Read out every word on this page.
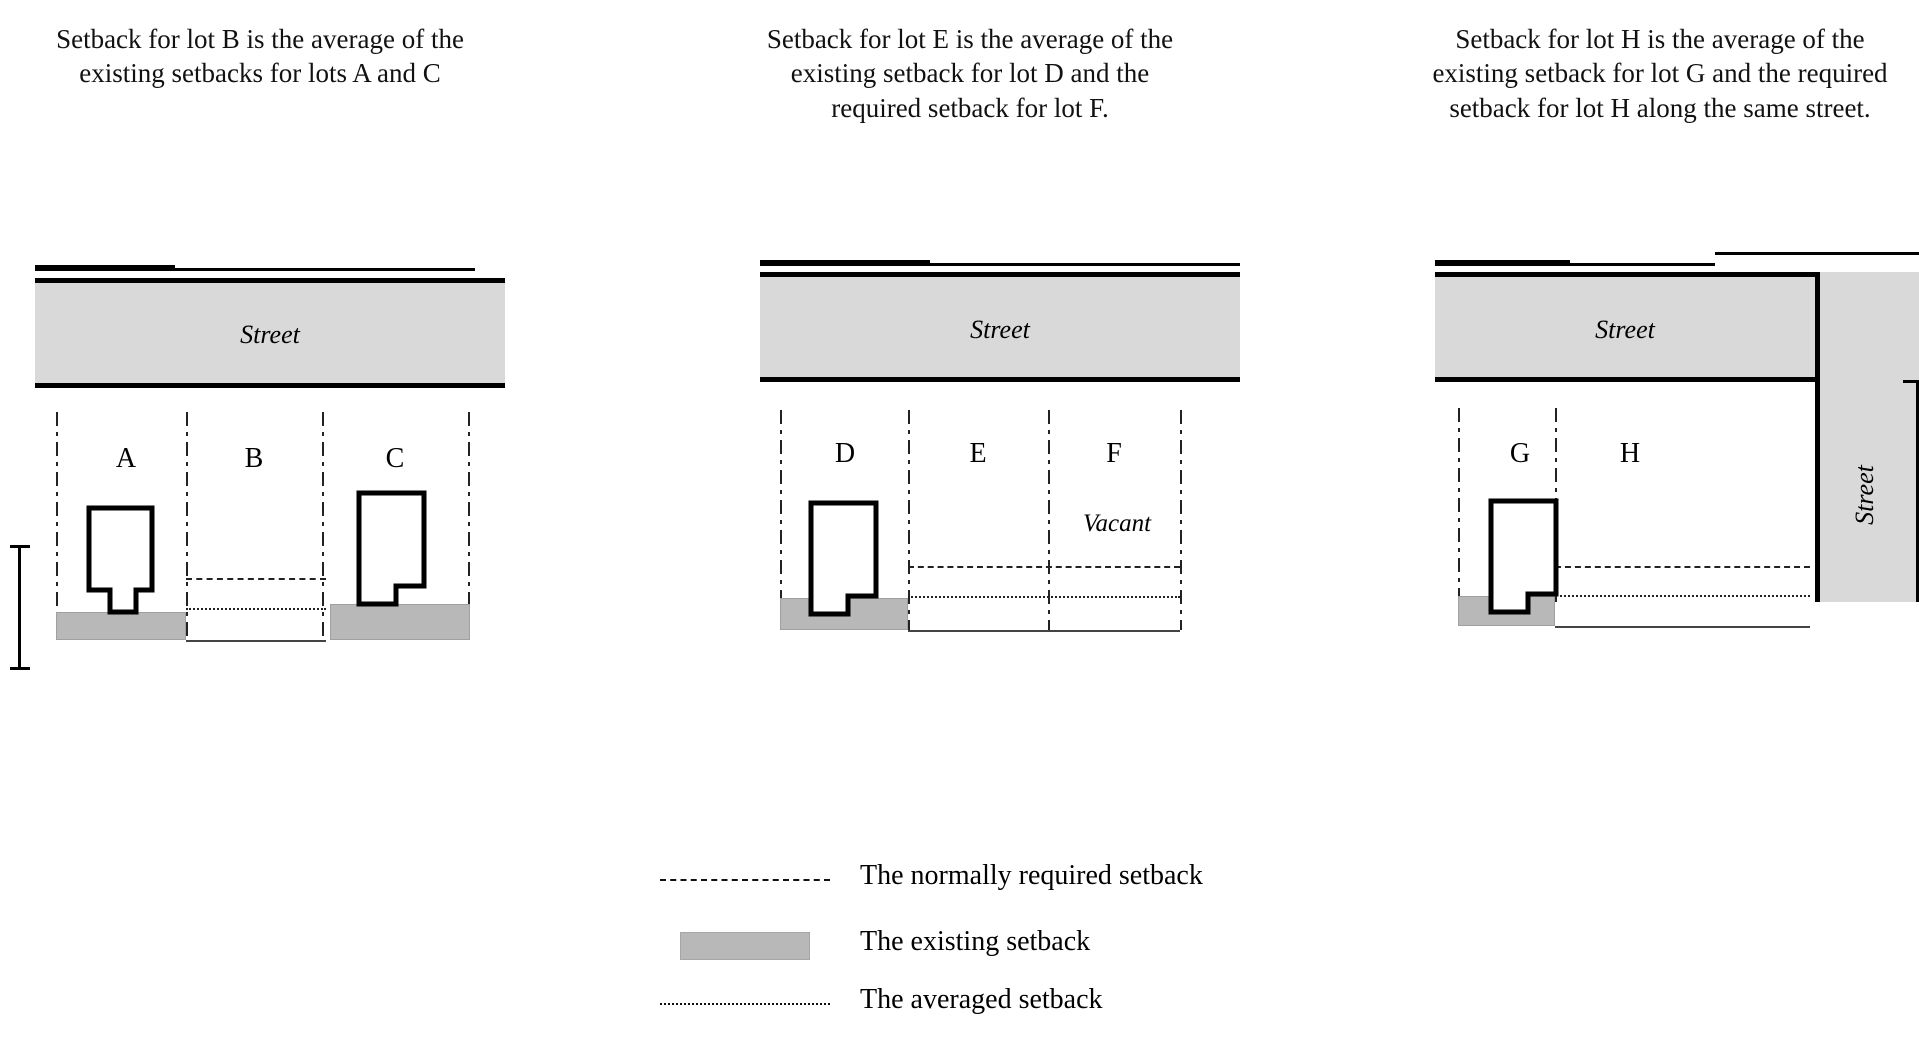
Setback for lot B is the average of the existing setbacks for lots A and C
Street
A	B	C
Setback for lot E is the average of the existing setback for lot D and the required setback for lot F.
Street
D	E	F
Vacant
Setback for lot H is the average of the existing setback for lot G and the required setback for lot H along the same street.
Street
Street
G	H
The normally required setback
The existing setback
The averaged setback
